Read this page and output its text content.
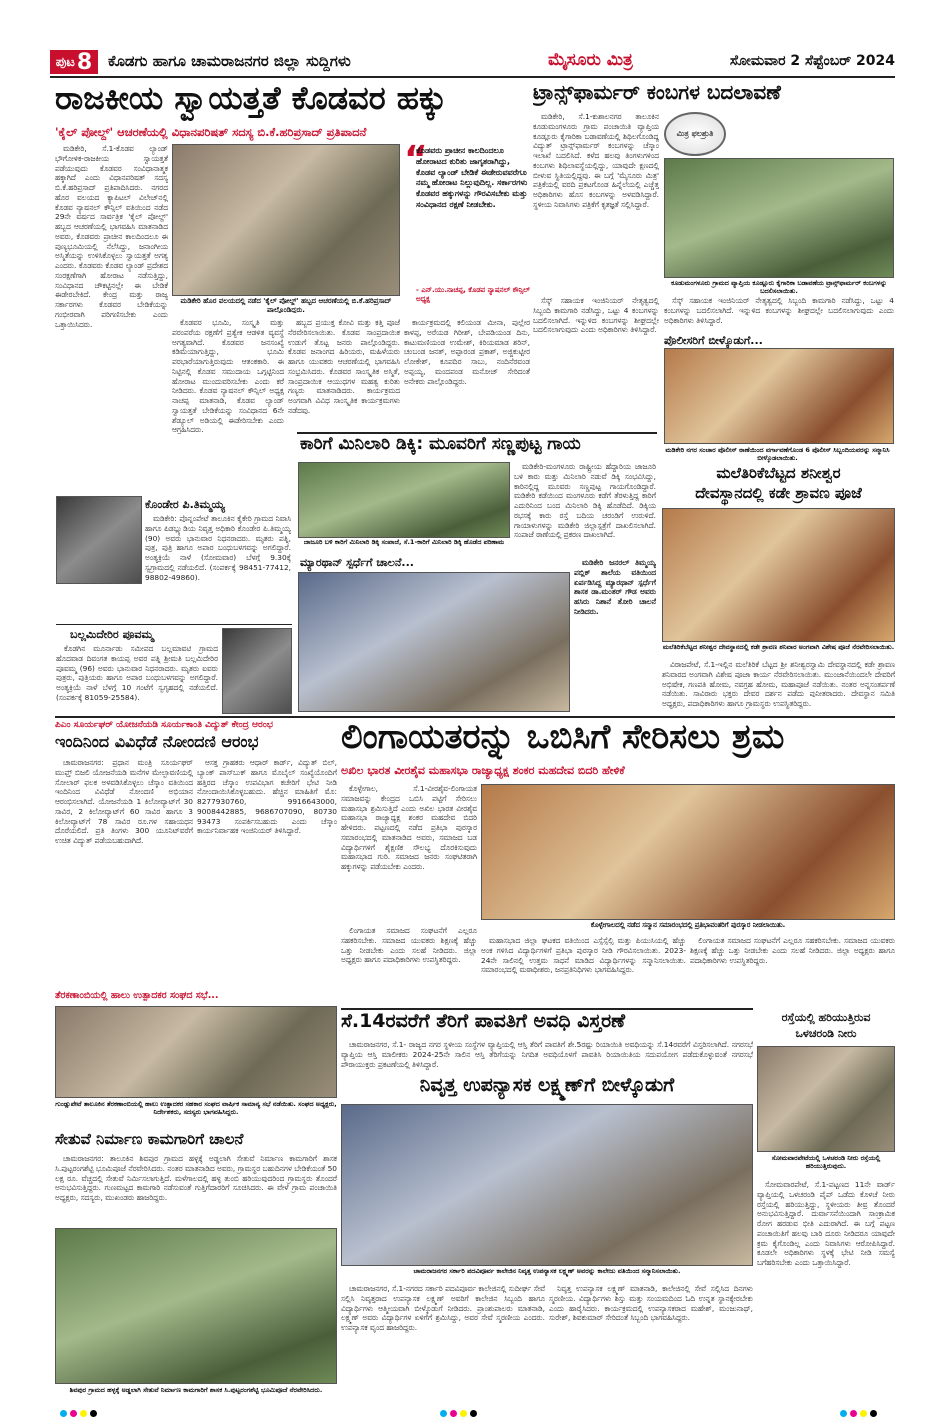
ಪುಟ 8 ಕೊಡಗು ಹಾಗೂ ಚಾಮರಾಜನಗರ ಜಿಲ್ಲಾ ಸುದ್ದಿಗಳು	ಮೈಸೂರು ಮಿತ್ರ	ಸೋಮವಾರ 2 ಸೆಪ್ಟೆಂಬರ್ 2024
ರಾಜಕೀಯ ಸ್ವಾಯತ್ತತೆ ಕೊಡವರ ಹಕ್ಕು
'ಕೈಲ್ ಪೋಲ್ದ್' ಆಚರಣೆಯಲ್ಲಿ ವಿಧಾನಪರಿಷತ್ ಸದಸ್ಯ ಬಿ.ಕೆ.ಹರಿಪ್ರಸಾದ್ ಪ್ರತಿಪಾದನೆ

ಮಡಿಕೇರಿ, ಸೆ.1-ಕೊಡವ ಲ್ಯಾಂಡ್ ಭೌಗೋಳಿಕ-ರಾಜಕೀಯ ಸ್ವಾಯತ್ತತೆ ಪಡೆಯುವುದು ಕೊಡವರ ಸಂವಿಧಾನಾತ್ಮಕ ಹಕ್ಕಾಗಿದೆ ಎಂದು ವಿಧಾನಪರಿಷತ್ ಸದಸ್ಯ ಬಿ.ಕೆ.ಹರಿಪ್ರಸಾದ್ ಪ್ರತಿಪಾದಿಸಿದರು. ನಗರದ ಹೊರ ವಲಯದ ಕ್ಯಾಪಿಟಲ್ ವಿಲೇಜ್‌ನಲ್ಲಿ ಕೊಡವ ನ್ಯಾಷನಲ್ ಕೌನ್ಸಿಲ್ ವತಿಯಿಂದ ನಡೆದ 29ನೇ ವರ್ಷದ ಸಾರ್ವತ್ರಿಕ 'ಕೈಲ್ ಪೋಲ್ದ್' ಹಬ್ಬದ ಆಚರಣೆಯಲ್ಲಿ ಭಾಗವಹಿಸಿ ಮಾತನಾಡಿದ ಅವರು, ಕೊಡವರು ಪ್ರಾಚೀನ ಕಾಲದಿಂದಲೂ ಈ ಪುಣ್ಯಭೂಮಿಯಲ್ಲಿ ನೆಲೆಸಿದ್ದು, ಜನಾಂಗೀಯ ಅಸ್ಮಿತೆಯನ್ನು ಉಳಿಸಿಕೊಳ್ಳಲು ಸ್ವಾಯತ್ತತೆ ಅಗತ್ಯ ಎಂದರು. ಕೊಡವರು ಕೊಡವ ಲ್ಯಾಂಡ್ ಪ್ರದೇಶದ ಸಂರಕ್ಷಣೆಗಾಗಿ ಹೋರಾಟ ನಡೆಸುತ್ತಿದ್ದು, ಸಂವಿಧಾನದ ಚೌಕಟ್ಟಿನಲ್ಲೇ ಈ ಬೇಡಿಕೆ ಈಡೇರಬೇಕಿದೆ. ಕೇಂದ್ರ ಮತ್ತು ರಾಜ್ಯ ಸರ್ಕಾರಗಳು ಕೊಡವರ ಬೇಡಿಕೆಯನ್ನು ಗಂಭೀರವಾಗಿ ಪರಿಗಣಿಸಬೇಕು ಎಂದು ಒತ್ತಾಯಿಸಿದರು.

ಮಡಿಕೇರಿ ಹೊರ ವಲಯದಲ್ಲಿ ನಡೆದ 'ಕೈಲ್ ಪೋಲ್ದ್' ಹಬ್ಬದ ಆಚರಣೆಯಲ್ಲಿ ಬಿ.ಕೆ.ಹರಿಪ್ರಸಾದ್ ಪಾಲ್ಗೊಂಡಿದ್ದರು.
“
ಕೊಡವರು ಪ್ರಾಚೀನ ಕಾಲದಿಂದಲೂ ಹೋರಾಟದ ಕುರಿತು ಜಾಗೃತರಾಗಿದ್ದು, ಕೊಡವ ಲ್ಯಾಂಡ್ ಬೇಡಿಕೆ ಈಡೇರುವವರೆಗೂ ನಮ್ಮ ಹೋರಾಟ ನಿಲ್ಲುವುದಿಲ್ಲ. ಸರ್ಕಾರಗಳು ಕೊಡವರ ಹಕ್ಕುಗಳನ್ನು ಗೌರವಿಸಬೇಕು ಮತ್ತು ಸಂವಿಧಾನದ ರಕ್ಷಣೆ ನೀಡಬೇಕು.
- ಎನ್.ಯು.ನಾಚಪ್ಪ, ಕೊಡವ ನ್ಯಾಷನಲ್ ಕೌನ್ಸಿಲ್ ಅಧ್ಯಕ್ಷ

ಕೊಡವರ ಭೂಮಿ, ಸಂಸ್ಕೃತಿ ಮತ್ತು ಪರಂಪರೆಯ ರಕ್ಷಣೆಗೆ ಪ್ರತ್ಯೇಕ ಆಡಳಿತ ವ್ಯವಸ್ಥೆ ಅಗತ್ಯವಾಗಿದೆ. ಕೊಡವರ ಜನಸಂಖ್ಯೆ ಕಡಿಮೆಯಾಗುತ್ತಿದ್ದು, ಭೂಮಿ ಪರಭಾರೆಯಾಗುತ್ತಿರುವುದು ಆತಂಕಕಾರಿ. ಈ ನಿಟ್ಟಿನಲ್ಲಿ ಕೊಡವ ಸಮುದಾಯ ಒಗ್ಗಟ್ಟಿನಿಂದ ಹೋರಾಟ ಮುಂದುವರಿಸಬೇಕು ಎಂದು ಕರೆ ನೀಡಿದರು. ಕೊಡವ ನ್ಯಾಷನಲ್ ಕೌನ್ಸಿಲ್ ಅಧ್ಯಕ್ಷ ನಾಚಪ್ಪ ಮಾತನಾಡಿ, ಕೊಡವ ಲ್ಯಾಂಡ್ ಸ್ವಾಯತ್ತತೆ ಬೇಡಿಕೆಯನ್ನು ಸಂವಿಧಾನದ 6ನೇ ಶೆಡ್ಯೂಲ್ ಅಡಿಯಲ್ಲಿ ಈಡೇರಿಸಬೇಕು ಎಂದು ಆಗ್ರಹಿಸಿದರು.

ಹಬ್ಬದ ಪ್ರಯುಕ್ತ ಕೋವಿ ಮತ್ತು ಕತ್ತಿ ಪೂಜೆ ನೆರವೇರಿಸಲಾಯಿತು. ಕೊಡವ ಸಾಂಪ್ರದಾಯಿಕ ಉಡುಗೆ ತೊಟ್ಟ ಜನರು ಪಾಲ್ಗೊಂಡಿದ್ದರು. ಕೊಡವ ಜನಾಂಗದ ಹಿರಿಯರು, ಮಹಿಳೆಯರು ಹಾಗೂ ಯುವಕರು ಆಚರಣೆಯಲ್ಲಿ ಭಾಗವಹಿಸಿ ಸಂಭ್ರಮಿಸಿದರು. ಕೊಡವರ ಸಾಂಸ್ಕೃತಿಕ ಅಸ್ಮಿತೆ, ಸಾಂಪ್ರದಾಯಿಕ ಆಯುಧಗಳ ಮಹತ್ವ ಕುರಿತು ಗಣ್ಯರು ಮಾತನಾಡಿದರು. ಕಾರ್ಯಕ್ರಮದ ಅಂಗವಾಗಿ ವಿವಿಧ ಸಾಂಸ್ಕೃತಿಕ ಕಾರ್ಯಕ್ರಮಗಳು ನಡೆದವು.

ಕಾರ್ಯಕ್ರಮದಲ್ಲಿ ಕಲಿಯಂಡ ಮೀನಾ, ಪುಲ್ಲೇರ ಕಾಳಪ್ಪ, ಅರೆಯಡ ಗಿರೀಶ್, ಬೇಪಡಿಯಂಡ ದಿನು, ಕಾಟುಮಣಿಯಂಡ ಉಮೇಶ್, ಕಿರಿಯಮಾಡ ಶರಿನ್, ಚಂಬಂಡ ಜನತ್, ಅಪ್ಪಾರಂಡ ಪ್ರಕಾಶ್, ಅಜ್ಜಿಕುಟ್ಟೀರ ಲೋಕೇಶ್, ಕೂಪದಿರ ಸಾಬು, ನಂದಿನೆರವಂಡ ಅಪ್ಪಯ್ಯ, ಮಂದಪಂಡ ಮನೋಜ್ ಸೇರಿದಂತೆ ಅನೇಕರು ಪಾಲ್ಗೊಂಡಿದ್ದರು.

ಕೊಂಡೇರ ಪಿ.ತಿಮ್ಮಯ್ಯ

ಮಡಿಕೇರಿ: ಪೊನ್ನಂಪೇಟೆ ತಾಲೂಕಿನ ಕೈಕೇರಿ ಗ್ರಾಮದ ನಿವಾಸಿ ಹಾಗೂ ಪಿಡಬ್ಲ್ಯುಡಿಯ ನಿವೃತ್ತ ಅಧಿಕಾರಿ ಕೊಂಡೇರ ಪಿ.ತಿಮ್ಮಯ್ಯ (90) ಅವರು ಭಾನುವಾರ ನಿಧನರಾದರು. ಮೃತರು ಪತ್ನಿ, ಪುತ್ರ, ಪುತ್ರಿ ಹಾಗೂ ಅಪಾರ ಬಂಧುಬಳಗವನ್ನು ಅಗಲಿದ್ದಾರೆ. ಅಂತ್ಯಕ್ರಿಯೆ ನಾಳೆ (ಸೋಮವಾರ) ಬೆಳಗ್ಗೆ 9.30ಕ್ಕೆ ಸ್ವಗ್ರಾಮದಲ್ಲಿ ನಡೆಯಲಿದೆ. (ಸಂಪರ್ಕಕ್ಕೆ 98451-77412, 98802-49860).

ಬಲ್ಲಮಿದೇರಿರ ಪೂವಮ್ಮ

ಕೊಡಗಿನ ಮೂರ್ನಾಡು ಸಮೀಪದ ಬಲ್ಲಮಾವಟಿ ಗ್ರಾಮದ ಹೊದವಾಡ ದಿವಂಗತ ಕಾಯಪ್ಪ ಅವರ ಪತ್ನಿ ಶ್ರೀಮತಿ ಬಲ್ಲಮಿದೇರಿರ ಪೂವಮ್ಮ (96) ಅವರು ಭಾನುವಾರ ನಿಧನರಾದರು. ಮೃತರು ಐವರು ಪುತ್ರರು, ಪುತ್ರಿಯರು ಹಾಗೂ ಅಪಾರ ಬಂಧುಬಳಗವನ್ನು ಅಗಲಿದ್ದಾರೆ. ಅಂತ್ಯಕ್ರಿಯೆ ನಾಳೆ ಬೆಳಗ್ಗೆ 10 ಗಂಟೆಗೆ ಸ್ವಗೃಹದಲ್ಲಿ ನಡೆಯಲಿದೆ. (ಸಂಪರ್ಕಕ್ಕೆ 81059-25584).

ಕಾರಿಗೆ ಮಿನಿಲಾರಿ ಡಿಕ್ಕಿ: ಮೂವರಿಗೆ ಸಣ್ಣಪುಟ್ಟ ಗಾಯ
ಜಾಜೂರಿ ಬಳಿ ಕಾರಿಗೆ ಮಿನಿಲಾರಿ ಡಿಕ್ಕಿ ಸಂಪಾಜೆ, ಸೆ.1-ಕಾರಿಗೆ ಮಿನಿಲಾರಿ ಡಿಕ್ಕಿ ಹೊಡೆದ ಪರಿಣಾಮ

ಮಡಿಕೇರಿ-ಮಂಗಳೂರು ರಾಷ್ಟ್ರೀಯ ಹೆದ್ದಾರಿಯ ಜಾಜೂರಿ ಬಳಿ ಕಾರು ಮತ್ತು ಮಿನಿಲಾರಿ ನಡುವೆ ಡಿಕ್ಕಿ ಸಂಭವಿಸಿದ್ದು, ಕಾರಿನಲ್ಲಿದ್ದ ಮೂವರು ಸಣ್ಣಪುಟ್ಟ ಗಾಯಗೊಂಡಿದ್ದಾರೆ. ಮಡಿಕೇರಿ ಕಡೆಯಿಂದ ಮಂಗಳೂರು ಕಡೆಗೆ ತೆರಳುತ್ತಿದ್ದ ಕಾರಿಗೆ ಎದುರಿನಿಂದ ಬಂದ ಮಿನಿಲಾರಿ ಡಿಕ್ಕಿ ಹೊಡೆದಿದೆ. ಡಿಕ್ಕಿಯ ರಭಸಕ್ಕೆ ಕಾರು ರಸ್ತೆ ಬದಿಯ ಚರಂಡಿಗೆ ಉರುಳಿದೆ. ಗಾಯಾಳುಗಳನ್ನು ಮಡಿಕೇರಿ ಜಿಲ್ಲಾಸ್ಪತ್ರೆಗೆ ದಾಖಲಿಸಲಾಗಿದೆ. ಸಂಪಾಜೆ ಠಾಣೆಯಲ್ಲಿ ಪ್ರಕರಣ ದಾಖಲಾಗಿದೆ.

ಮ್ಯಾರಥಾನ್ ಸ್ಪರ್ಧೆಗೆ ಚಾಲನೆ...	ಮಡಿಕೇರಿ ಜನರಲ್ ತಿಮ್ಮಯ್ಯ ಪಬ್ಲಿಕ್ ಶಾಲೆಯ ವತಿಯಿಂದ ಏರ್ಪಡಿಸಿದ್ದ ಮ್ಯಾರಥಾನ್ ಸ್ಪರ್ಧೆಗೆ ಶಾಸಕ ಡಾ.ಮಂತರ್ ಗೌಡ ಅವರು ಹಸಿರು ನಿಶಾನೆ ತೋರಿ ಚಾಲನೆ ನೀಡಿದರು.

ಟ್ರಾನ್ಸ್‌ಫಾರ್ಮರ್ ಕಂಬಗಳ ಬದಲಾವಣೆ
ಮಿತ್ರ ಫಲಶ್ರುತಿ

ಮಡಿಕೇರಿ, ಸೆ.1-ಕುಶಾಲನಗರ ತಾಲೂಕಿನ ಕೂಡುಮಂಗಳೂರು ಗ್ರಾಮ ಪಂಚಾಯಿತಿ ವ್ಯಾಪ್ತಿಯ ಕೂಡ್ಲೂರು ಕೈಗಾರಿಕಾ ಬಡಾವಣೆಯಲ್ಲಿ ಶಿಥಿಲಗೊಂಡಿದ್ದ ವಿದ್ಯುತ್ ಟ್ರಾನ್ಸ್‌ಫಾರ್ಮರ್ ಕಂಬಗಳನ್ನು ಚೆಸ್ಕಾಂ ಇಲಾಖೆ ಬದಲಿಸಿದೆ. ಕಳೆದ ಹಲವು ತಿಂಗಳುಗಳಿಂದ ಕಂಬಗಳು ಶಿಥಿಲಾವಸ್ಥೆಯಲ್ಲಿದ್ದು, ಯಾವುದೇ ಕ್ಷಣದಲ್ಲಿ ಬೀಳುವ ಸ್ಥಿತಿಯಲ್ಲಿದ್ದವು. ಈ ಬಗ್ಗೆ 'ಮೈಸೂರು ಮಿತ್ರ' ಪತ್ರಿಕೆಯಲ್ಲಿ ವರದಿ ಪ್ರಕಟಗೊಂಡ ಹಿನ್ನೆಲೆಯಲ್ಲಿ ಎಚ್ಚೆತ್ತ ಅಧಿಕಾರಿಗಳು ಹೊಸ ಕಂಬಗಳನ್ನು ಅಳವಡಿಸಿದ್ದಾರೆ. ಸ್ಥಳೀಯ ನಿವಾಸಿಗಳು ಪತ್ರಿಕೆಗೆ ಕೃತಜ್ಞತೆ ಸಲ್ಲಿಸಿದ್ದಾರೆ.

ಕೂಡುಮಂಗಳೂರು ಗ್ರಾಮದ ವ್ಯಾಪ್ತಿಯ ಕೂಡ್ಲೂರು ಕೈಗಾರಿಕಾ ಬಡಾವಣೆಯ ಟ್ರಾನ್ಸ್‌ಫಾರ್ಮರ್ ಕಂಬಗಳನ್ನು ಬದಲಿಸಲಾಯಿತು.

ಸೆಸ್ಕ್ ಸಹಾಯಕ ಇಂಜಿನಿಯರ್ ನೇತೃತ್ವದಲ್ಲಿ ಸಿಬ್ಬಂದಿ ಕಾಮಗಾರಿ ನಡೆಸಿದ್ದು, ಒಟ್ಟು 4 ಕಂಬಗಳನ್ನು ಬದಲಿಸಲಾಗಿದೆ. ಇನ್ನುಳಿದ ಕಂಬಗಳನ್ನು ಶೀಘ್ರದಲ್ಲೇ ಬದಲಿಸಲಾಗುವುದು ಎಂದು ಅಧಿಕಾರಿಗಳು ತಿಳಿಸಿದ್ದಾರೆ.

ಸೆಸ್ಕ್ ಸಹಾಯಕ ಇಂಜಿನಿಯರ್ ನೇತೃತ್ವದಲ್ಲಿ ಸಿಬ್ಬಂದಿ ಕಾಮಗಾರಿ ನಡೆಸಿದ್ದು, ಒಟ್ಟು 4 ಕಂಬಗಳನ್ನು ಬದಲಿಸಲಾಗಿದೆ. ಇನ್ನುಳಿದ ಕಂಬಗಳನ್ನು ಶೀಘ್ರದಲ್ಲೇ ಬದಲಿಸಲಾಗುವುದು ಎಂದು ಅಧಿಕಾರಿಗಳು ತಿಳಿಸಿದ್ದಾರೆ.

ಪೊಲೀಸರಿಗೆ ಬೀಳ್ಕೊಡುಗೆ...
ಮಡಿಕೇರಿ ನಗರ ಸಂಚಾರ ಪೊಲೀಸ್ ಠಾಣೆಯಿಂದ ವರ್ಗಾವಣೆಗೊಂಡ 6 ಪೊಲೀಸ್ ಸಿಬ್ಬಂದಿಯವರನ್ನು ಸನ್ಮಾನಿಸಿ ಬೀಳ್ಕೊಡಲಾಯಿತು.
ಮಲೆತಿರಿಕೆಬೆಟ್ಟದ ಶನೀಶ್ವರ
ದೇವಸ್ಥಾನದಲ್ಲಿ ಕಡೇ ಶ್ರಾವಣ ಪೂಜೆ
ಮಲೆತಿರಿಕೆಬೆಟ್ಟದ ಶನೀಶ್ವರ ದೇವಸ್ಥಾನದಲ್ಲಿ ಕಡೇ ಶ್ರಾವಣ ಶನಿವಾರ ಅಂಗವಾಗಿ ವಿಶೇಷ ಪೂಜೆ ನೆರವೇರಿಸಲಾಯಿತು.

ವಿರಾಜಪೇಟೆ, ಸೆ.1-ಇಲ್ಲಿನ ಮಲೆತಿರಿಕೆ ಬೆಟ್ಟದ ಶ್ರೀ ಶನೀಶ್ವರಸ್ವಾಮಿ ದೇವಸ್ಥಾನದಲ್ಲಿ ಕಡೇ ಶ್ರಾವಣ ಶನಿವಾರದ ಅಂಗವಾಗಿ ವಿಶೇಷ ಪೂಜಾ ಕಾರ್ಯ ನೆರವೇರಿಸಲಾಯಿತು. ಮುಂಜಾನೆಯಿಂದಲೇ ದೇವರಿಗೆ ಅಭಿಷೇಕ, ಗಣಪತಿ ಹೋಮ, ನವಗ್ರಹ ಹೋಮ, ಮಹಾಪೂಜೆ ನಡೆಯಿತು. ನಂತರ ಅನ್ನಸಂತರ್ಪಣೆ ನಡೆಯಿತು. ಸಾವಿರಾರು ಭಕ್ತರು ದೇವರ ದರ್ಶನ ಪಡೆದು ಪುನೀತರಾದರು. ದೇವಸ್ಥಾನ ಸಮಿತಿ ಅಧ್ಯಕ್ಷರು, ಪದಾಧಿಕಾರಿಗಳು ಹಾಗೂ ಗ್ರಾಮಸ್ಥರು ಉಪಸ್ಥಿತರಿದ್ದರು.

ಪಿಎಂ ಸೂರ್ಯಘರ್ ಯೋಜನೆಯಡಿ ಸೂರ್ಯಕಾಂತಿ ವಿದ್ಯುತ್ ಕೇಂದ್ರ ಆರಂಭ
ಇಂದಿನಿಂದ ವಿವಿಧೆಡೆ ನೋಂದಣಿ ಆರಂಭ

ಚಾಮರಾಜನಗರ: ಪ್ರಧಾನ ಮಂತ್ರಿ ಸೂರ್ಯಘರ್ ಮುಫ್ತ್ ಬಿಜಲಿ ಯೋಜನೆಯಡಿ ಮನೆಗಳ ಮೇಲ್ಛಾವಣಿಯಲ್ಲಿ ಸೋಲಾರ್ ಫಲಕ ಅಳವಡಿಸಿಕೊಳ್ಳಲು ಚೆಸ್ಕಾಂ ವತಿಯಿಂದ ಇಂದಿನಿಂದ ವಿವಿಧೆಡೆ ನೋಂದಣಿ ಅಭಿಯಾನ ಆರಂಭಿಸಲಾಗಿದೆ. ಯೋಜನೆಯಡಿ 1 ಕಿಲೋವ್ಯಾಟ್‌ಗೆ 30 ಸಾವಿರ, 2 ಕಿಲೋವ್ಯಾಟ್‌ಗೆ 60 ಸಾವಿರ ಹಾಗೂ 3 ಕಿಲೋವ್ಯಾಟ್‌ಗೆ 78 ಸಾವಿರ ರೂ.ಗಳ ಸಹಾಯಧನ ದೊರೆಯಲಿದೆ. ಪ್ರತಿ ತಿಂಗಳು 300 ಯೂನಿಟ್‌ವರೆಗೆ ಉಚಿತ ವಿದ್ಯುತ್ ಪಡೆಯಬಹುದಾಗಿದೆ.

ಆಸಕ್ತ ಗ್ರಾಹಕರು ಆಧಾರ್ ಕಾರ್ಡ್, ವಿದ್ಯುತ್ ಬಿಲ್, ಬ್ಯಾಂಕ್ ಪಾಸ್‌ಬುಕ್ ಹಾಗೂ ಮೊಬೈಲ್ ಸಂಖ್ಯೆಯೊಂದಿಗೆ ಹತ್ತಿರದ ಚೆಸ್ಕಾಂ ಉಪವಿಭಾಗ ಕಚೇರಿಗೆ ಭೇಟಿ ನೀಡಿ ನೋಂದಾಯಿಸಿಕೊಳ್ಳಬಹುದು. ಹೆಚ್ಚಿನ ಮಾಹಿತಿಗೆ ಮೊ: 8277930760, 9916643000, 9008442885, 9686707090, 80730 93473 ಸಂಪರ್ಕಿಸಬಹುದು ಎಂದು ಚೆಸ್ಕಾಂ ಕಾರ್ಯನಿರ್ವಾಹಕ ಇಂಜಿನಿಯರ್ ತಿಳಿಸಿದ್ದಾರೆ.

ತೆರಕಣಾಂಬಿಯಲ್ಲಿ ಹಾಲು ಉತ್ಪಾದಕರ ಸಂಘದ ಸಭೆ...
ಗುಂಡ್ಲುಪೇಟೆ ತಾಲೂಕಿನ ತೆರಕಣಾಂಬಿಯಲ್ಲಿ ಹಾಲು ಉತ್ಪಾದಕರ ಸಹಕಾರ ಸಂಘದ ವಾರ್ಷಿಕ ಸಾಮಾನ್ಯ ಸಭೆ ನಡೆಯಿತು. ಸಂಘದ ಅಧ್ಯಕ್ಷರು, ನಿರ್ದೇಶಕರು, ಸದಸ್ಯರು ಭಾಗವಹಿಸಿದ್ದರು.
ಸೇತುವೆ ನಿರ್ಮಾಣ ಕಾಮಗಾರಿಗೆ ಚಾಲನೆ

ಚಾಮರಾಜನಗರ: ತಾಲೂಕಿನ ಶಿವಪುರ ಗ್ರಾಮದ ಹಳ್ಳಕ್ಕೆ ಅಡ್ಡಲಾಗಿ ಸೇತುವೆ ನಿರ್ಮಾಣ ಕಾಮಗಾರಿಗೆ ಶಾಸಕ ಸಿ.ಪುಟ್ಟರಂಗಶೆಟ್ಟಿ ಭೂಮಿಪೂಜೆ ನೆರವೇರಿಸಿದರು. ನಂತರ ಮಾತನಾಡಿದ ಅವರು, ಗ್ರಾಮಸ್ಥರ ಬಹುದಿನಗಳ ಬೇಡಿಕೆಯಂತೆ 50 ಲಕ್ಷ ರೂ. ವೆಚ್ಚದಲ್ಲಿ ಸೇತುವೆ ನಿರ್ಮಿಸಲಾಗುತ್ತಿದೆ. ಮಳೆಗಾಲದಲ್ಲಿ ಹಳ್ಳ ತುಂಬಿ ಹರಿಯುವುದರಿಂದ ಗ್ರಾಮಸ್ಥರು ತೊಂದರೆ ಅನುಭವಿಸುತ್ತಿದ್ದರು. ಗುಣಮಟ್ಟದ ಕಾಮಗಾರಿ ನಡೆಸುವಂತೆ ಗುತ್ತಿಗೆದಾರರಿಗೆ ಸೂಚಿಸಿದರು. ಈ ವೇಳೆ ಗ್ರಾಮ ಪಂಚಾಯಿತಿ ಅಧ್ಯಕ್ಷರು, ಸದಸ್ಯರು, ಮುಖಂಡರು ಹಾಜರಿದ್ದರು.

ಶಿವಪುರ ಗ್ರಾಮದ ಹಳ್ಳಕ್ಕೆ ಅಡ್ಡಲಾಗಿ ಸೇತುವೆ ನಿರ್ಮಾಣ ಕಾಮಗಾರಿಗೆ ಶಾಸಕ ಸಿ.ಪುಟ್ಟರಂಗಶೆಟ್ಟಿ ಭೂಮಿಪೂಜೆ ನೆರವೇರಿಸಿದರು.
ಲಿಂಗಾಯತರನ್ನು ಒಬಿಸಿಗೆ ಸೇರಿಸಲು ಶ್ರಮ
ಅಖಿಲ ಭಾರತ ವೀರಶೈವ ಮಹಾಸಭಾ ರಾಜ್ಯಾಧ್ಯಕ್ಷ ಶಂಕರ ಮಹದೇವ ಬಿದರಿ ಹೇಳಿಕೆ

ಕೊಳ್ಳೇಗಾಲ, ಸೆ.1-ವೀರಶೈವ-ಲಿಂಗಾಯತ ಸಮಾಜವನ್ನು ಕೇಂದ್ರದ ಒಬಿಸಿ ಪಟ್ಟಿಗೆ ಸೇರಿಸಲು ಮಹಾಸಭಾ ಶ್ರಮಿಸುತ್ತಿದೆ ಎಂದು ಅಖಿಲ ಭಾರತ ವೀರಶೈವ ಮಹಾಸಭಾ ರಾಜ್ಯಾಧ್ಯಕ್ಷ ಶಂಕರ ಮಹದೇವ ಬಿದರಿ ಹೇಳಿದರು. ಪಟ್ಟಣದಲ್ಲಿ ನಡೆದ ಪ್ರತಿಭಾ ಪುರಸ್ಕಾರ ಸಮಾರಂಭದಲ್ಲಿ ಮಾತನಾಡಿದ ಅವರು, ಸಮಾಜದ ಬಡ ವಿದ್ಯಾರ್ಥಿಗಳಿಗೆ ಶೈಕ್ಷಣಿಕ ಸೌಲಭ್ಯ ದೊರಕಿಸುವುದು ಮಹಾಸಭಾದ ಗುರಿ. ಸಮಾಜದ ಜನರು ಸಂಘಟಿತರಾಗಿ ಹಕ್ಕುಗಳನ್ನು ಪಡೆಯಬೇಕು ಎಂದರು.

ಕೊಳ್ಳೇಗಾಲದಲ್ಲಿ ನಡೆದ ಸನ್ಮಾನ ಸಮಾರಂಭದಲ್ಲಿ ಪ್ರತಿಭಾವಂತರಿಗೆ ಪುರಸ್ಕಾರ ನೀಡಲಾಯಿತು.

ಮಹಾಸಭಾದ ಜಿಲ್ಲಾ ಘಟಕದ ವತಿಯಿಂದ ಎಸ್ಸೆಸ್ಸೆಲ್ಸಿ ಮತ್ತು ಪಿಯುಸಿಯಲ್ಲಿ ಹೆಚ್ಚು ಅಂಕ ಗಳಿಸಿದ ವಿದ್ಯಾರ್ಥಿಗಳಿಗೆ ಪ್ರತಿಭಾ ಪುರಸ್ಕಾರ ನೀಡಿ ಗೌರವಿಸಲಾಯಿತು. 2023-24ನೇ ಸಾಲಿನಲ್ಲಿ ಉತ್ತಮ ಸಾಧನೆ ಮಾಡಿದ ವಿದ್ಯಾರ್ಥಿಗಳನ್ನು ಸನ್ಮಾನಿಸಲಾಯಿತು. ಸಮಾರಂಭದಲ್ಲಿ ಮಠಾಧೀಶರು, ಜನಪ್ರತಿನಿಧಿಗಳು ಭಾಗವಹಿಸಿದ್ದರು.

ಲಿಂಗಾಯತ ಸಮಾಜದ ಸಂಘಟನೆಗೆ ಎಲ್ಲರೂ ಸಹಕರಿಸಬೇಕು. ಸಮಾಜದ ಯುವಕರು ಶಿಕ್ಷಣಕ್ಕೆ ಹೆಚ್ಚು ಒತ್ತು ನೀಡಬೇಕು ಎಂದು ಸಲಹೆ ನೀಡಿದರು. ಜಿಲ್ಲಾ ಅಧ್ಯಕ್ಷರು ಹಾಗೂ ಪದಾಧಿಕಾರಿಗಳು ಉಪಸ್ಥಿತರಿದ್ದರು.

ಲಿಂಗಾಯತ ಸಮಾಜದ ಸಂಘಟನೆಗೆ ಎಲ್ಲರೂ ಸಹಕರಿಸಬೇಕು. ಸಮಾಜದ ಯುವಕರು ಶಿಕ್ಷಣಕ್ಕೆ ಹೆಚ್ಚು ಒತ್ತು ನೀಡಬೇಕು ಎಂದು ಸಲಹೆ ನೀಡಿದರು. ಜಿಲ್ಲಾ ಅಧ್ಯಕ್ಷರು ಹಾಗೂ ಪದಾಧಿಕಾರಿಗಳು ಉಪಸ್ಥಿತರಿದ್ದರು.

ಸೆ.14ರವರೆಗೆ ತೆರಿಗೆ ಪಾವತಿಗೆ ಅವಧಿ ವಿಸ್ತರಣೆ

ಚಾಮರಾಜನಗರ, ಸೆ.1- ರಾಜ್ಯದ ನಗರ ಸ್ಥಳೀಯ ಸಂಸ್ಥೆಗಳ ವ್ಯಾಪ್ತಿಯಲ್ಲಿ ಆಸ್ತಿ ತೆರಿಗೆ ಪಾವತಿಗೆ ಶೇ.5ರಷ್ಟು ರಿಯಾಯಿತಿ ಅವಧಿಯನ್ನು ಸೆ.14ರವರೆಗೆ ವಿಸ್ತರಿಸಲಾಗಿದೆ. ನಗರಸಭೆ ವ್ಯಾಪ್ತಿಯ ಆಸ್ತಿ ಮಾಲೀಕರು 2024-25ನೇ ಸಾಲಿನ ಆಸ್ತಿ ತೆರಿಗೆಯನ್ನು ನಿಗದಿತ ಅವಧಿಯೊಳಗೆ ಪಾವತಿಸಿ ರಿಯಾಯಿತಿಯ ಸದುಪಯೋಗ ಪಡೆದುಕೊಳ್ಳುವಂತೆ ನಗರಸಭೆ ಪೌರಾಯುಕ್ತರು ಪ್ರಕಟಣೆಯಲ್ಲಿ ತಿಳಿಸಿದ್ದಾರೆ.

ನಿವೃತ್ತ ಉಪನ್ಯಾಸಕ ಲಕ್ಷ್ಮಣ್‌ಗೆ ಬೀಳ್ಕೊಡುಗೆ
ಚಾಮರಾಜನಗರ ಸರ್ಕಾರಿ ಪದವಿಪೂರ್ವ ಕಾಲೇಜಿನ ನಿವೃತ್ತ ಉಪನ್ಯಾಸಕ ಲಕ್ಷ್ಮಣ್ ಅವರನ್ನು ಕಾಲೇಜು ವತಿಯಿಂದ ಸನ್ಮಾನಿಸಲಾಯಿತು.

ಚಾಮರಾಜನಗರ, ಸೆ.1-ನಗರದ ಸರ್ಕಾರಿ ಪದವಿಪೂರ್ವ ಕಾಲೇಜಿನಲ್ಲಿ ಸುದೀರ್ಘ ಸೇವೆ ಸಲ್ಲಿಸಿ ನಿವೃತ್ತರಾದ ಉಪನ್ಯಾಸಕ ಲಕ್ಷ್ಮಣ್ ಅವರಿಗೆ ಕಾಲೇಜಿನ ಸಿಬ್ಬಂದಿ ಹಾಗೂ ವಿದ್ಯಾರ್ಥಿಗಳು ಆತ್ಮೀಯವಾಗಿ ಬೀಳ್ಕೊಡುಗೆ ನೀಡಿದರು. ಪ್ರಾಂಶುಪಾಲರು ಮಾತನಾಡಿ, ಲಕ್ಷ್ಮಣ್ ಅವರು ವಿದ್ಯಾರ್ಥಿಗಳ ಏಳಿಗೆಗೆ ಶ್ರಮಿಸಿದ್ದು, ಅವರ ಸೇವೆ ಸ್ಮರಣೀಯ ಎಂದರು. ಉಪನ್ಯಾಸಕ ವೃಂದ ಹಾಜರಿದ್ದರು.

ನಿವೃತ್ತ ಉಪನ್ಯಾಸಕ ಲಕ್ಷ್ಮಣ್ ಮಾತನಾಡಿ, ಕಾಲೇಜಿನಲ್ಲಿ ಸೇವೆ ಸಲ್ಲಿಸಿದ ದಿನಗಳು ಸ್ಮರಣೀಯ. ವಿದ್ಯಾರ್ಥಿಗಳು ಶಿಸ್ತು ಮತ್ತು ಸಂಯಮದಿಂದ ಓದಿ ಉನ್ನತ ಸ್ಥಾನಕ್ಕೇರಬೇಕು ಎಂದು ಹಾರೈಸಿದರು. ಕಾರ್ಯಕ್ರಮದಲ್ಲಿ ಉಪನ್ಯಾಸಕರಾದ ಮಹೇಶ್, ಮಂಜುನಾಥ್, ಸುರೇಶ್, ಶಿವಕುಮಾರ್ ಸೇರಿದಂತೆ ಸಿಬ್ಬಂದಿ ಭಾಗವಹಿಸಿದ್ದರು.

ರಸ್ತೆಯಲ್ಲಿ ಹರಿಯುತ್ತಿರುವ
ಒಳಚರಂಡಿ ನೀರು
ಸೋಮವಾರಪೇಟೆಯಲ್ಲಿ ಒಳಚರಂಡಿ ನೀರು ರಸ್ತೆಯಲ್ಲಿ ಹರಿಯುತ್ತಿರುವುದು.

ಸೋಮವಾರಪೇಟೆ, ಸೆ.1-ಪಟ್ಟಣದ 11ನೇ ವಾರ್ಡ್ ವ್ಯಾಪ್ತಿಯಲ್ಲಿ ಒಳಚರಂಡಿ ಪೈಪ್ ಒಡೆದು ಕೊಳಚೆ ನೀರು ರಸ್ತೆಯಲ್ಲಿ ಹರಿಯುತ್ತಿದ್ದು, ಸ್ಥಳೀಯರು ತೀವ್ರ ತೊಂದರೆ ಅನುಭವಿಸುತ್ತಿದ್ದಾರೆ. ದುರ್ವಾಸನೆಯಿಂದಾಗಿ ಸಾಂಕ್ರಾಮಿಕ ರೋಗ ಹರಡುವ ಭೀತಿ ಎದುರಾಗಿದೆ. ಈ ಬಗ್ಗೆ ಪಟ್ಟಣ ಪಂಚಾಯಿತಿಗೆ ಹಲವು ಬಾರಿ ದೂರು ನೀಡಿದರೂ ಯಾವುದೇ ಕ್ರಮ ಕೈಗೊಂಡಿಲ್ಲ ಎಂದು ನಿವಾಸಿಗಳು ಆರೋಪಿಸಿದ್ದಾರೆ. ಕೂಡಲೇ ಅಧಿಕಾರಿಗಳು ಸ್ಥಳಕ್ಕೆ ಭೇಟಿ ನೀಡಿ ಸಮಸ್ಯೆ ಬಗೆಹರಿಸಬೇಕು ಎಂದು ಒತ್ತಾಯಿಸಿದ್ದಾರೆ.
